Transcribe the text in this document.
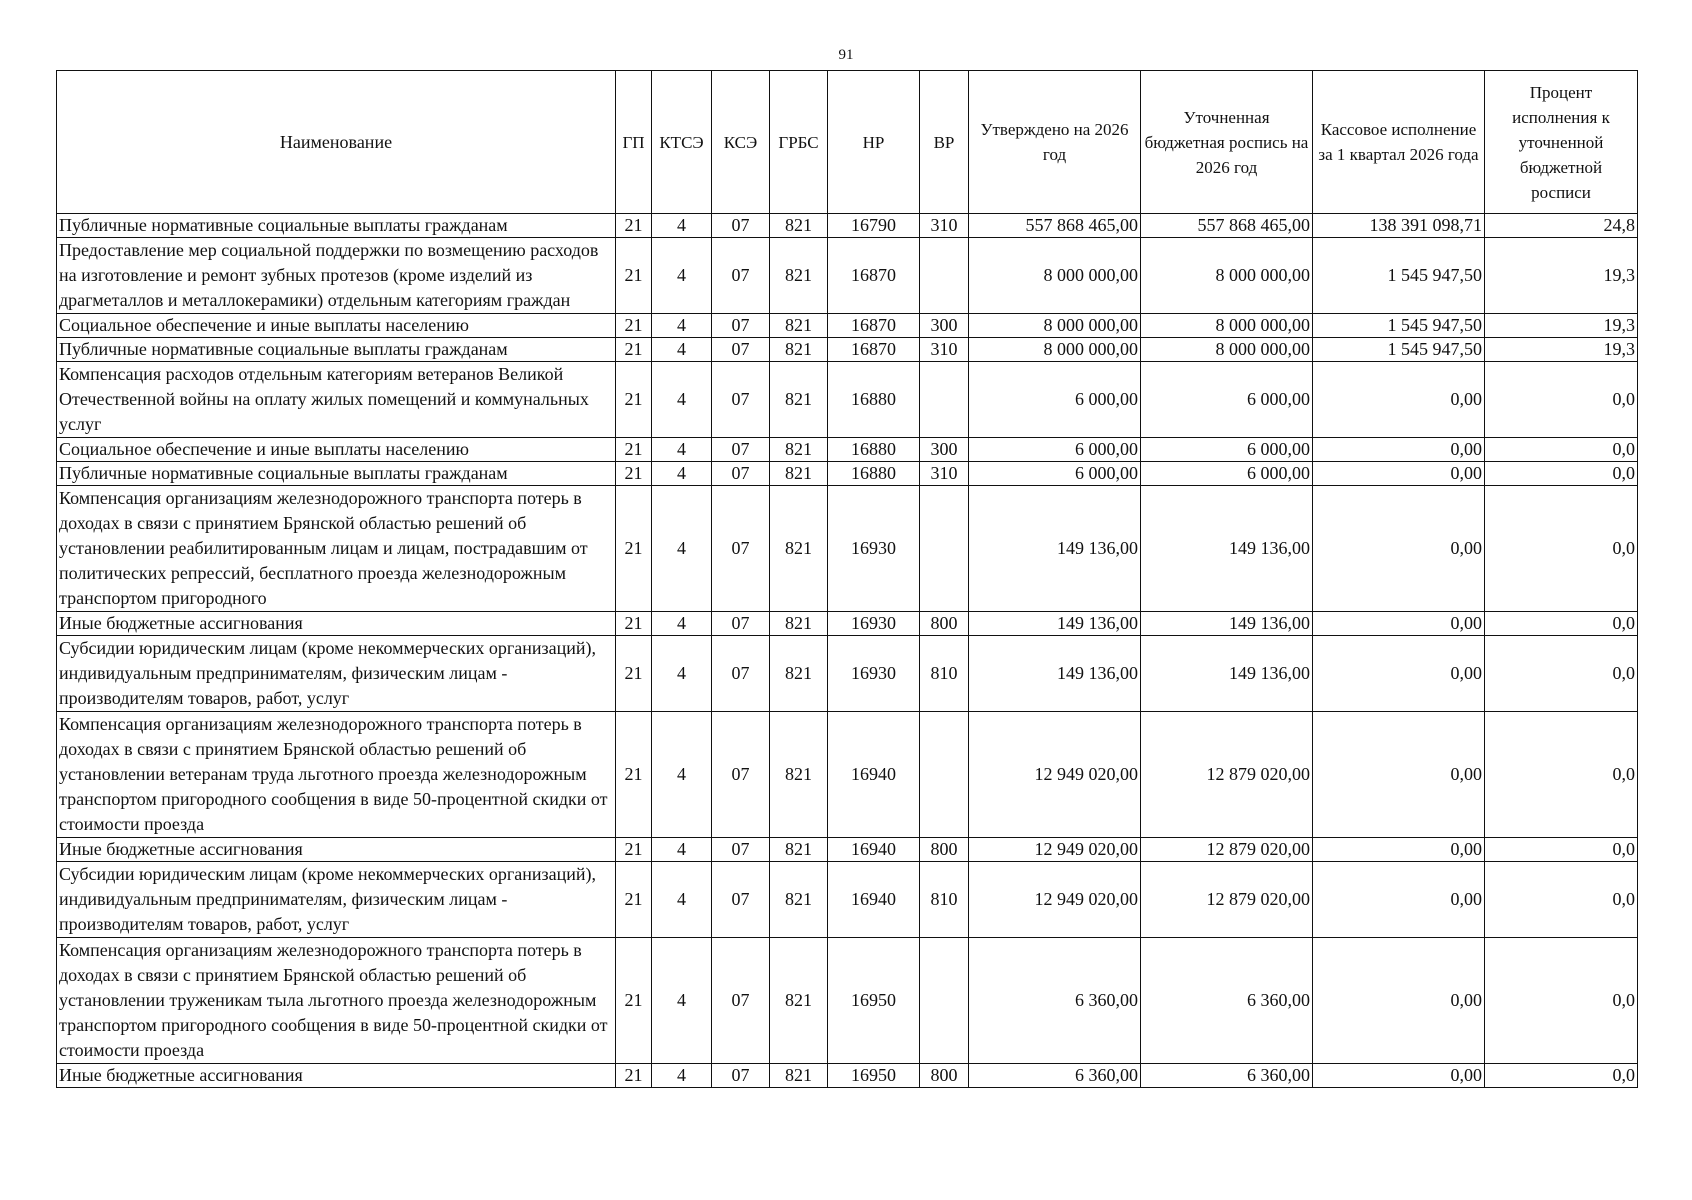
91
Наименование	ГП	КТСЭ	КСЭ	ГРБС	НР	ВР	Утверждено на 2026 год	Уточненная бюджетная роспись на 2026 год	Кассовое исполнение за 1 квартал 2026 года	Процент исполнения к уточненной бюджетной росписи
Публичные нормативные социальные выплаты гражданам	21	4	07	821	16790	310	557 868 465,00	557 868 465,00	138 391 098,71	24,8
Предоставление мер социальной поддержки по возмещению расходов на изготовление и ремонт зубных протезов (кроме изделий из драгметаллов и металлокерамики) отдельным категориям граждан	21	4	07	821	16870		8 000 000,00	8 000 000,00	1 545 947,50	19,3
Социальное обеспечение и иные выплаты населению	21	4	07	821	16870	300	8 000 000,00	8 000 000,00	1 545 947,50	19,3
Публичные нормативные социальные выплаты гражданам	21	4	07	821	16870	310	8 000 000,00	8 000 000,00	1 545 947,50	19,3
Компенсация расходов отдельным категориям ветеранов Великой Отечественной войны на оплату жилых помещений и коммунальных услуг	21	4	07	821	16880		6 000,00	6 000,00	0,00	0,0
Социальное обеспечение и иные выплаты населению	21	4	07	821	16880	300	6 000,00	6 000,00	0,00	0,0
Публичные нормативные социальные выплаты гражданам	21	4	07	821	16880	310	6 000,00	6 000,00	0,00	0,0
Компенсация организациям железнодорожного транспорта потерь в доходах в связи с принятием Брянской областью решений об установлении реабилитированным лицам и лицам, пострадавшим от политических репрессий, бесплатного проезда железнодорожным транспортом пригородного	21	4	07	821	16930		149 136,00	149 136,00	0,00	0,0
Иные бюджетные ассигнования	21	4	07	821	16930	800	149 136,00	149 136,00	0,00	0,0
Субсидии юридическим лицам (кроме некоммерческих организаций), индивидуальным предпринимателям, физическим лицам - производителям товаров, работ, услуг	21	4	07	821	16930	810	149 136,00	149 136,00	0,00	0,0
Компенсация организациям железнодорожного транспорта потерь в доходах в связи с принятием Брянской областью решений об установлении ветеранам труда льготного проезда железнодорожным транспортом пригородного сообщения в виде 50-процентной скидки от стоимости проезда	21	4	07	821	16940		12 949 020,00	12 879 020,00	0,00	0,0
Иные бюджетные ассигнования	21	4	07	821	16940	800	12 949 020,00	12 879 020,00	0,00	0,0
Субсидии юридическим лицам (кроме некоммерческих организаций), индивидуальным предпринимателям, физическим лицам - производителям товаров, работ, услуг	21	4	07	821	16940	810	12 949 020,00	12 879 020,00	0,00	0,0
Компенсация организациям железнодорожного транспорта потерь в доходах в связи с принятием Брянской областью решений об установлении труженикам тыла льготного проезда железнодорожным транспортом пригородного сообщения в виде 50-процентной скидки от стоимости проезда	21	4	07	821	16950		6 360,00	6 360,00	0,00	0,0
Иные бюджетные ассигнования	21	4	07	821	16950	800	6 360,00	6 360,00	0,00	0,0
